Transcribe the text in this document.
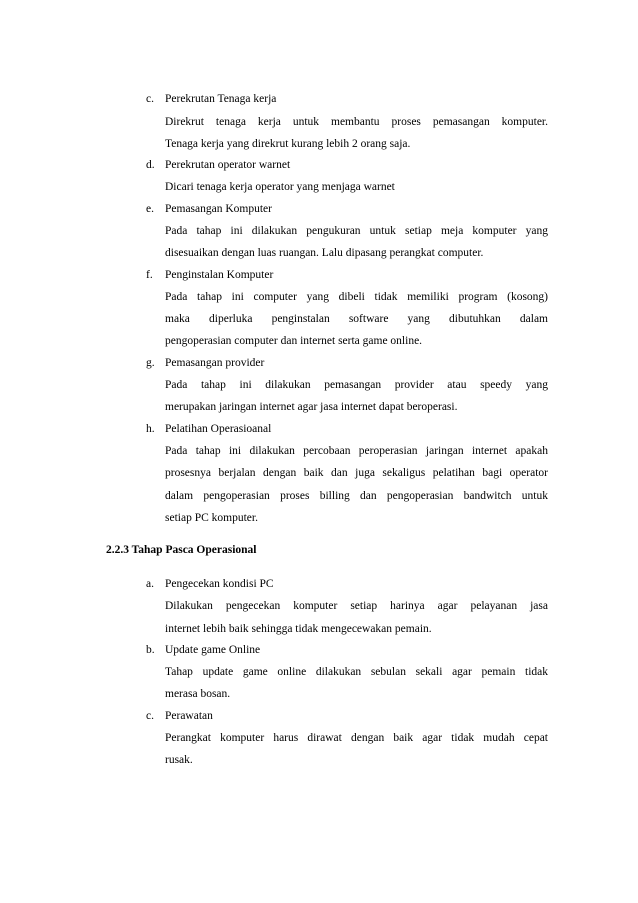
c. Perekrutan Tenaga kerja
Direkrut tenaga kerja untuk membantu proses pemasangan komputer.
Tenaga kerja yang direkrut kurang lebih 2 orang saja.
d. Perekrutan operator warnet
Dicari tenaga kerja operator yang menjaga warnet
e. Pemasangan Komputer
Pada tahap ini dilakukan pengukuran untuk setiap meja komputer yang
disesuaikan dengan luas ruangan. Lalu dipasang perangkat computer.
f. Penginstalan Komputer
Pada tahap ini computer yang dibeli tidak memiliki program (kosong)
maka diperluka penginstalan software yang dibutuhkan dalam
pengoperasian computer dan internet serta game online.
g. Pemasangan provider
Pada tahap ini dilakukan pemasangan provider atau speedy yang
merupakan jaringan internet agar jasa internet dapat beroperasi.
h. Pelatihan Operasioanal
Pada tahap ini dilakukan percobaan peroperasian jaringan internet apakah
prosesnya berjalan dengan baik dan juga sekaligus pelatihan bagi operator
dalam pengoperasian proses billing dan pengoperasian bandwitch untuk
setiap PC komputer.
2.2.3 Tahap Pasca Operasional
a. Pengecekan kondisi PC
Dilakukan pengecekan komputer setiap harinya agar pelayanan jasa
internet lebih baik sehingga tidak mengecewakan pemain.
b. Update game Online
Tahap update game online dilakukan sebulan sekali agar pemain tidak
merasa bosan.
c. Perawatan
Perangkat komputer harus dirawat dengan baik agar tidak mudah cepat
rusak.
